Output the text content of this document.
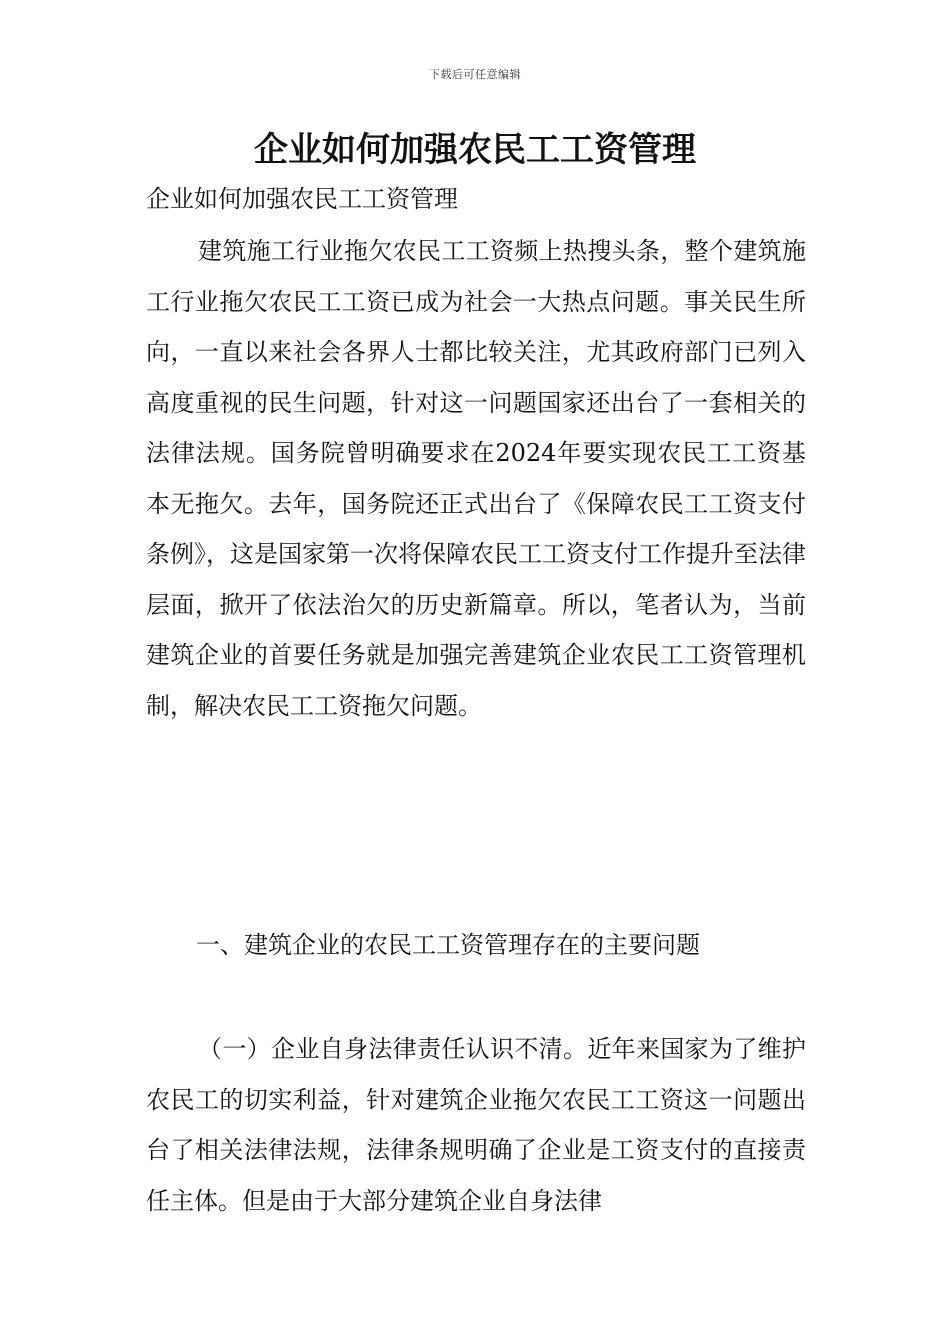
下载后可任意编辑
企业如何加强农民工工资管理

企业如何加强农民工工资管理

建筑施工行业拖欠农民工工资频上热搜头条，整个建筑施工行业拖欠农民工工资已成为社会一大热点问题。事关民生所向，一直以来社会各界人士都比较关注，尤其政府部门已列入高度重视的民生问题，针对这一问题国家还出台了一套相关的法律法规。国务院曾明确要求在2024年要实现农民工工资基本无拖欠。去年，国务院还正式出台了《保障农民工工资支付条例》，这是国家第一次将保障农民工工资支付工作提升至法律层面，掀开了依法治欠的历史新篇章。所以，笔者认为，当前建筑企业的首要任务就是加强完善建筑企业农民工工资管理机制，解决农民工工资拖欠问题。

一、建筑企业的农民工工资管理存在的主要问题

（一）企业自身法律责任认识不清。近年来国家为了维护农民工的切实利益，针对建筑企业拖欠农民工工资这一问题出台了相关法律法规，法律条规明确了企业是工资支付的直接责任主体。但是由于大部分建筑企业自身法律
